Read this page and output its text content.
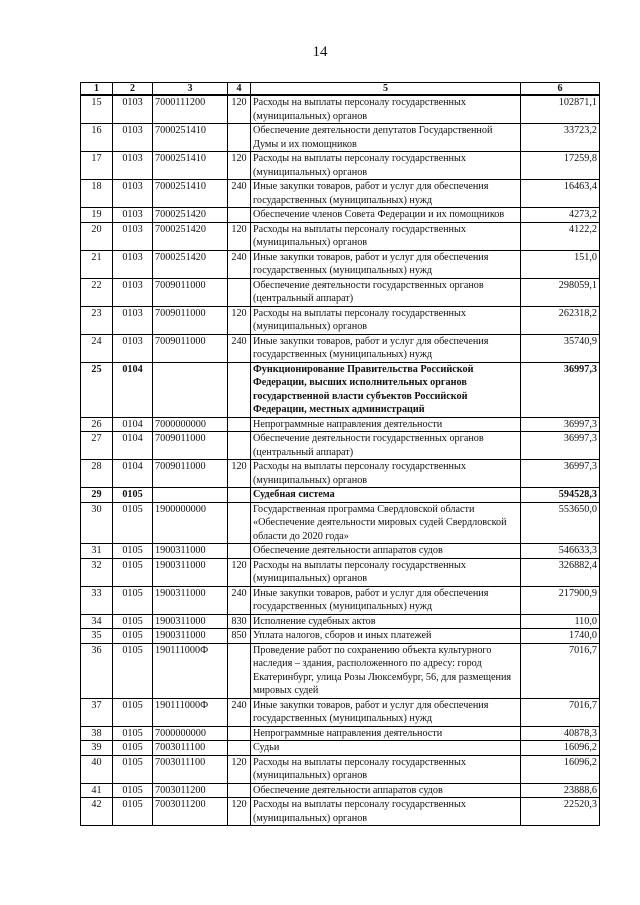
14
1	2	3	4	5	6
15	0103	7000111200	120	Расходы на выплаты персоналу государственных (муниципальных) органов	102871,1
16	0103	7000251410		Обеспечение деятельности депутатов Государственной Думы и их помощников	33723,2
17	0103	7000251410	120	Расходы на выплаты персоналу государственных (муниципальных) органов	17259,8
18	0103	7000251410	240	Иные закупки товаров, работ и услуг для обеспечения государственных (муниципальных) нужд	16463,4
19	0103	7000251420		Обеспечение членов Совета Федерации и их помощников	4273,2
20	0103	7000251420	120	Расходы на выплаты персоналу государственных (муниципальных) органов	4122,2
21	0103	7000251420	240	Иные закупки товаров, работ и услуг для обеспечения государственных (муниципальных) нужд	151,0
22	0103	7009011000		Обеспечение деятельности государственных органов (центральный аппарат)	298059,1
23	0103	7009011000	120	Расходы на выплаты персоналу государственных (муниципальных) органов	262318,2
24	0103	7009011000	240	Иные закупки товаров, работ и услуг для обеспечения государственных (муниципальных) нужд	35740,9
25	0104			Функционирование Правительства Российской Федерации, высших исполнительных органов государственной власти субъектов Российской Федерации, местных администраций	36997,3
26	0104	7000000000		Непрограммные направления деятельности	36997,3
27	0104	7009011000		Обеспечение деятельности государственных органов (центральный аппарат)	36997,3
28	0104	7009011000	120	Расходы на выплаты персоналу государственных (муниципальных) органов	36997,3
29	0105			Судебная система	594528,3
30	0105	1900000000		Государственная программа Свердловской области «Обеспечение деятельности мировых судей Свердловской области до 2020 года»	553650,0
31	0105	1900311000		Обеспечение деятельности аппаратов судов	546633,3
32	0105	1900311000	120	Расходы на выплаты персоналу государственных (муниципальных) органов	326882,4
33	0105	1900311000	240	Иные закупки товаров, работ и услуг для обеспечения государственных (муниципальных) нужд	217900,9
34	0105	1900311000	830	Исполнение судебных актов	110,0
35	0105	1900311000	850	Уплата налогов, сборов и иных платежей	1740,0
36	0105	190111000Ф		Проведение работ по сохранению объекта культурного наследия – здания, расположенного по адресу: город Екатеринбург, улица Розы Люксембург, 56, для размещения мировых судей	7016,7
37	0105	190111000Ф	240	Иные закупки товаров, работ и услуг для обеспечения государственных (муниципальных) нужд	7016,7
38	0105	7000000000		Непрограммные направления деятельности	40878,3
39	0105	7003011100		Судьи	16096,2
40	0105	7003011100	120	Расходы на выплаты персоналу государственных (муниципальных) органов	16096,2
41	0105	7003011200		Обеспечение деятельности аппаратов судов	23888,6
42	0105	7003011200	120	Расходы на выплаты персоналу государственных (муниципальных) органов	22520,3
